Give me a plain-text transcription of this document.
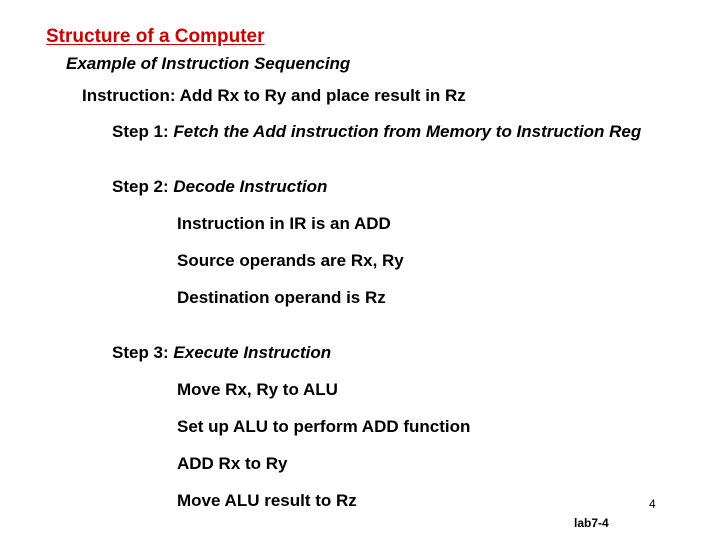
Structure of a Computer
Example of Instruction Sequencing
Instruction: Add Rx to Ry and place result in Rz
Step 1: Fetch the Add instruction from Memory to Instruction Reg
Step 2: Decode Instruction
Instruction in IR is an ADD
Source operands are Rx, Ry
Destination operand is Rz
Step 3: Execute Instruction
Move Rx, Ry to ALU
Set up ALU to perform ADD function
ADD Rx to Ry
Move ALU result to Rz	4
lab7-4
